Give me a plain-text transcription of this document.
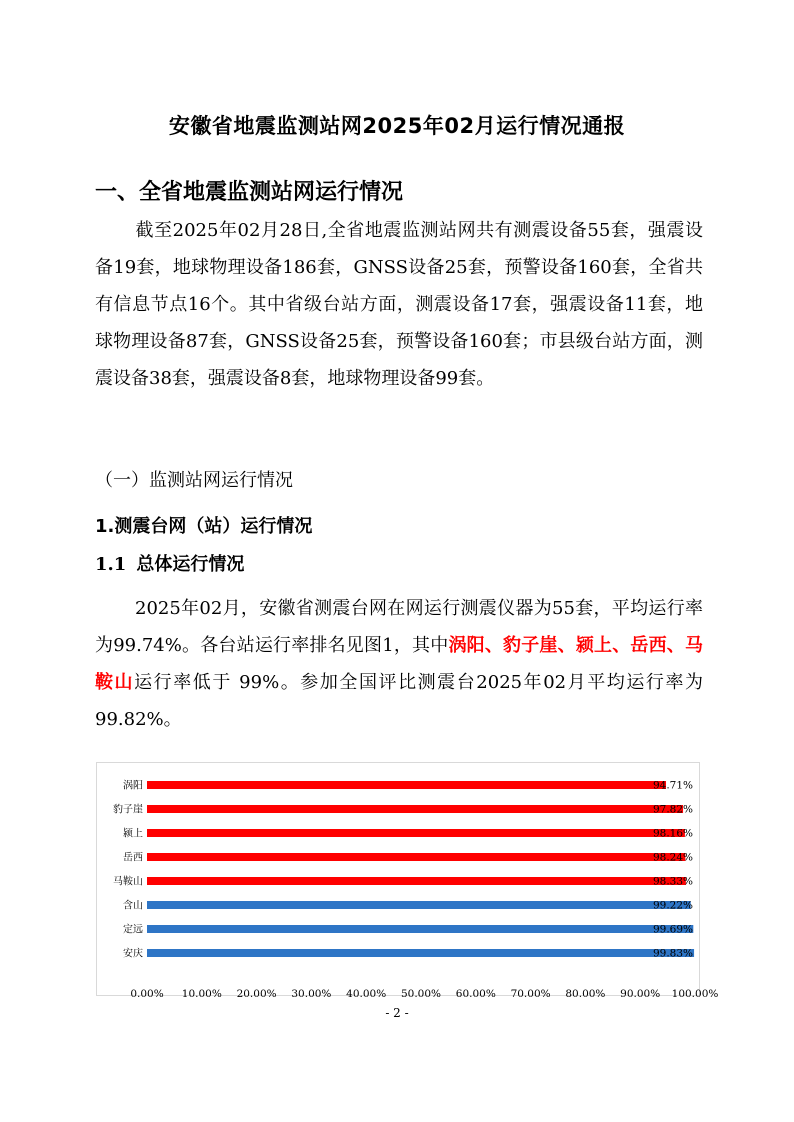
安徽省地震监测站网2025年02月运行情况通报
一、全省地震监测站网运行情况
截至2025年02月28日,全省地震监测站网共有测震设备55套，强震设备19套，地球物理设备186套，GNSS设备25套，预警设备160套，全省共有信息节点16个。其中省级台站方面，测震设备17套，强震设备11套，地球物理设备87套，GNSS设备25套，预警设备160套；市县级台站方面，测震设备38套，强震设备8套，地球物理设备99套。
（一）监测站网运行情况
1.测震台网（站）运行情况
1.1 总体运行情况
2025年02月，安徽省测震台网在网运行测震仪器为55套，平均运行率为99.74%。各台站运行率排名见图1，其中涡阳、豹子崖、颍上、岳西、马鞍山运行率低于 99%。参加全国评比测震台2025年02月平均运行率为99.82%。
涡阳	94.71%
豹子崖	97.82%
颍上	98.16%
岳西	98.24%
马鞍山	98.33%
含山	99.22%
定远	99.69%
安庆	99.83%
0.00% 10.00% 20.00% 30.00% 40.00% 50.00% 60.00% 70.00% 80.00% 90.00% 100.00%
- 2 -
